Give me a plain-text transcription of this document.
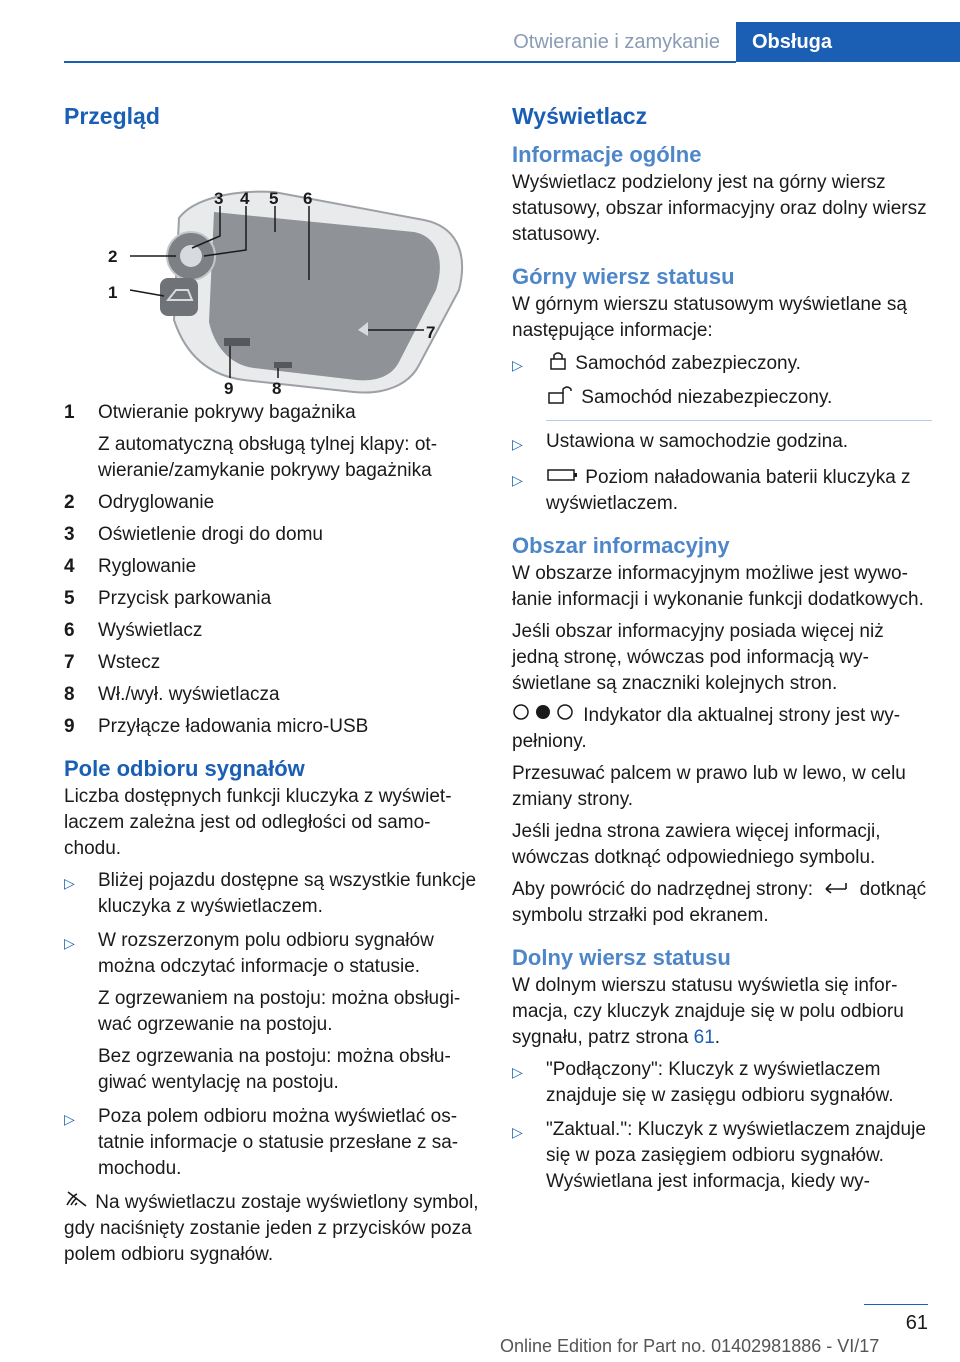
Otwieranie i zamykanie	Obsługa
Przegląd
1
2
3 4 5 6
7
8
9
1	Otwieranie pokrywy bagażnika
Z automatyczną obsługą tylnej klapy: otwieranie/zamykanie pokrywy bagażnika
2	Odryglowanie
3	Oświetlenie drogi do domu
4	Ryglowanie
5	Przycisk parkowania
6	Wyświetlacz
7	Wstecz
8	Wł./wył. wyświetlacza
9	Przyłącze ładowania micro-USB
Pole odbioru sygnałów

Liczba dostępnych funkcji kluczyka z wyświetlaczem zależna jest od odległości od samochodu.

▷	Bliżej pojazdu dostępne są wszystkie funkcje kluczyka z wyświetlaczem.
▷	W rozszerzonym polu odbioru sygnałów można odczytać informacje o statusie.
Z ogrzewaniem na postoju: można obsługiwać ogrzewanie na postoju.
Bez ogrzewania na postoju: można obsługiwać wentylację na postoju.
▷	Poza polem odbioru można wyświetlać ostatnie informacje o statusie przesłane z samochodu.

Na wyświetlaczu zostaje wyświetlony symbol, gdy naciśnięty zostanie jeden z przycisków poza polem odbioru sygnałów.

Wyświetlacz
Informacje ogólne

Wyświetlacz podzielony jest na górny wiersz statusowy, obszar informacyjny oraz dolny wiersz statusowy.

Górny wiersz statusu

W górnym wierszu statusowym wyświetlane są następujące informacje:

▷	Samochód zabezpieczony.
Samochód niezabezpieczony.
▷	Ustawiona w samochodzie godzina.
▷	Poziom naładowania baterii kluczyka z wyświetlaczem.
Obszar informacyjny

W obszarze informacyjnym możliwe jest wywołanie informacji i wykonanie funkcji dodatkowych.

Jeśli obszar informacyjny posiada więcej niż jedną stronę, wówczas pod informacją wyświetlane są znaczniki kolejnych stron.

Indykator dla aktualnej strony jest wypełniony.

Przesuwać palcem w prawo lub w lewo, w celu zmiany strony.

Jeśli jedna strona zawiera więcej informacji, wówczas dotknąć odpowiedniego symbolu.

Aby powrócić do nadrzędnej strony: dotknąć symbolu strzałki pod ekranem.

Dolny wiersz statusu

W dolnym wierszu statusu wyświetla się informacja, czy kluczyk znajduje się w polu odbioru sygnału, patrz strona 61.

▷	"Podłączony": Kluczyk z wyświetlaczem znajduje się w zasięgu odbioru sygnałów.
▷	"Zaktual.": Kluczyk z wyświetlaczem znajduje się w poza zasięgiem odbioru sygnałów. Wyświetlana jest informacja, kiedy wy-
61
Online Edition for Part no. 01402981886 - VI/17
